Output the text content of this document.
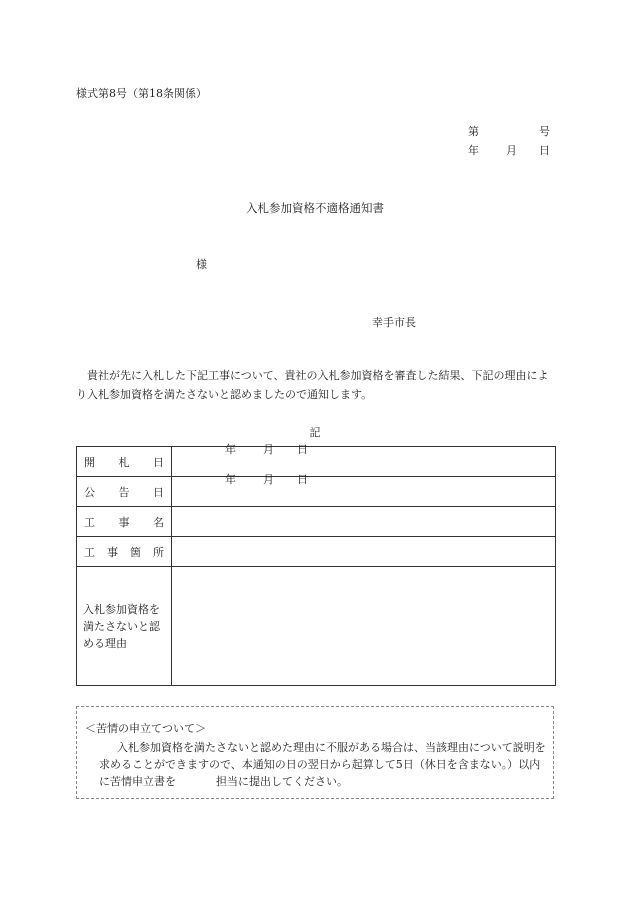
様式第8号（第18条関係）
第	号
年 月 日
入札参加資格不適格通知書
様
幸手市長
貴社が先に入札した下記工事について、貴社の入札参加資格を審査した結果、下記の理由により入札参加資格を満たさないと認めましたので通知します。
記
開 札 日	年 月 日

公 告 日	年 月 日

工 事 名	

工 事 箇 所	

入札参加資格を満たさないと認める理由	

＜苦情の申立てついて＞
入札参加資格を満たさないと認めた理由に不服がある場合は、当該理由について説明を求めることができますので、本通知の日の翌日から起算して5日（休日を含まない。）以内に苦情申立書を	担当に提出してください。
